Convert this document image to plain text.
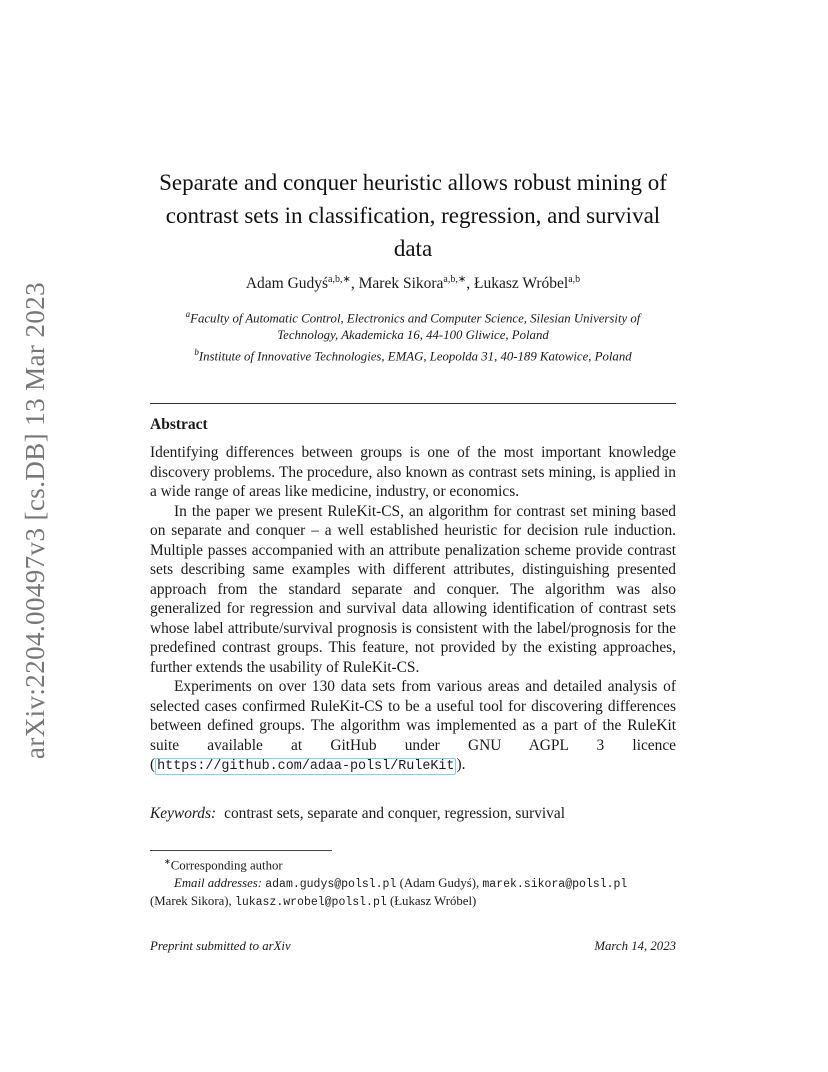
arXiv:2204.00497v3 [cs.DB] 13 Mar 2023
Separate and conquer heuristic allows robust mining of
contrast sets in classification, regression, and survival
data
Adam Gudyś$^{a,b,∗}$, Marek Sikora$^{a,b,∗}$, Łukasz Wróbel$^{a,b}$
$^a$Faculty of Automatic Control, Electronics and Computer Science, Silesian University of
Technology, Akademicka 16, 44-100 Gliwice, Poland
$^b$Institute of Innovative Technologies, EMAG, Leopolda 31, 40-189 Katowice, Poland
Abstract

Identifying differences between groups is one of the most important knowledge discovery problems. The procedure, also known as contrast sets mining, is applied in a wide range of areas like medicine, industry, or economics.

In the paper we present RuleKit-CS, an algorithm for contrast set mining based on separate and conquer – a well established heuristic for decision rule induction. Multiple passes accompanied with an attribute penalization scheme provide contrast sets describing same examples with different attributes, distinguishing presented approach from the standard separate and conquer. The algorithm was also generalized for regression and survival data allowing identification of contrast sets whose label attribute/survival prognosis is consistent with the label/prognosis for the predefined contrast groups. This feature, not provided by the existing approaches, further extends the usability of RuleKit-CS.

Experiments on over 130 data sets from various areas and detailed analysis of selected cases confirmed RuleKit-CS to be a useful tool for discovering differences between defined groups. The algorithm was implemented as a part of the RuleKit suite available at GitHub under GNU AGPL 3 licence ( https://github.com/adaa-polsl/RuleKit ).

Keywords: contrast sets, separate and conquer, regression, survival
∗Corresponding author
Email addresses: adam.gudys@polsl.pl (Adam Gudyś), marek.sikora@polsl.pl
(Marek Sikora), lukasz.wrobel@polsl.pl (Łukasz Wróbel)
Preprint submitted to arXiv	March 14, 2023
